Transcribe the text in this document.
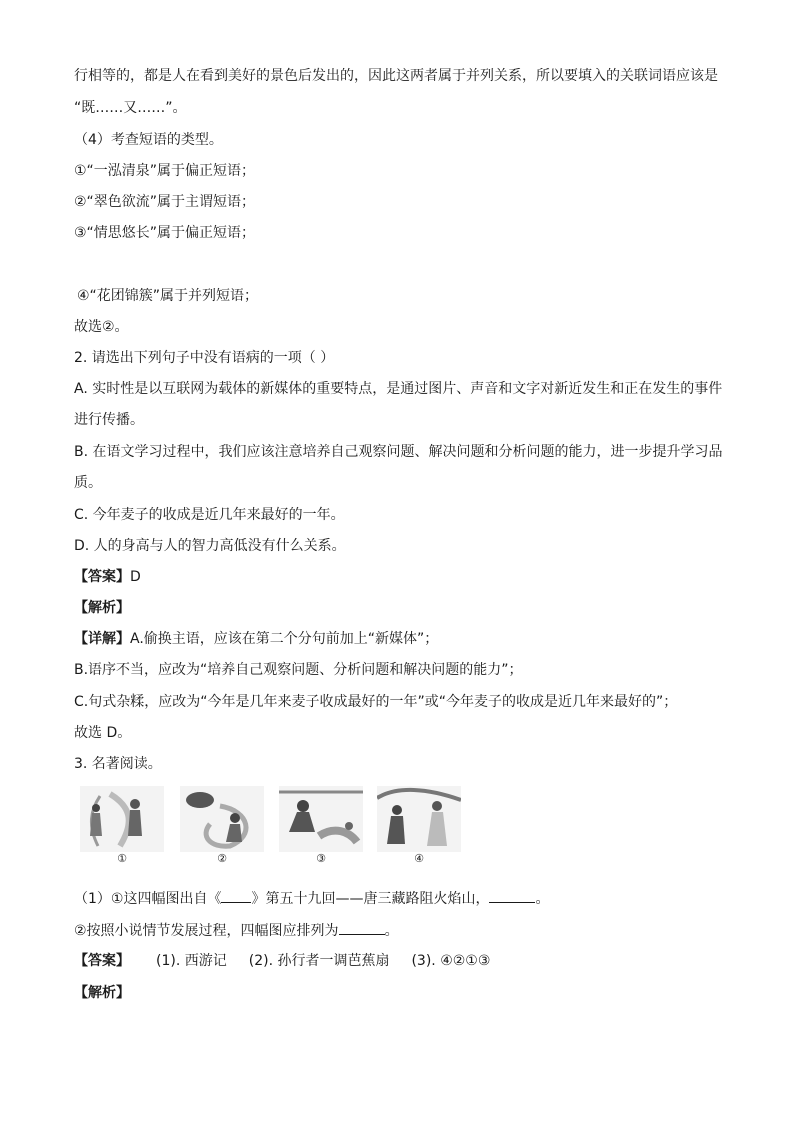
行相等的，都是人在看到美好的景色后发出的，因此这两者属于并列关系，所以要填入的关联词语应该是
“既……又……”。
（4）考查短语的类型。
①“一泓清泉”属于偏正短语；
②“翠色欲流”属于主谓短语；
③“情思悠长”属于偏正短语；
④“花团锦簇”属于并列短语；
故选②。
2. 请选出下列句子中没有语病的一项（ ）
A. 实时性是以互联网为载体的新媒体的重要特点，是通过图片、声音和文字对新近发生和正在发生的事件
进行传播。
B. 在语文学习过程中，我们应该注意培养自己观察问题、解决问题和分析问题的能力，进一步提升学习品
质。
C. 今年麦子的收成是近几年来最好的一年。
D. 人的身高与人的智力高低没有什么关系。
【答案】D
【解析】
【详解】A.偷换主语，应该在第二个分句前加上“新媒体”；
B.语序不当，应改为“培养自己观察问题、分析问题和解决问题的能力”；
C.句式杂糅，应改为“今年是几年来麦子收成最好的一年”或“今年麦子的收成是近几年来最好的”；
故选 D。
3. 名著阅读。
①	②	③	④
（1）①这四幅图出自《 》第五十九回——唐三藏路阻火焰山，	。
②按照小说情节发展过程，四幅图应排列为	。
【答案】 (1). 西游记 (2). 孙行者一调芭蕉扇 (3). ④②①③
【解析】
